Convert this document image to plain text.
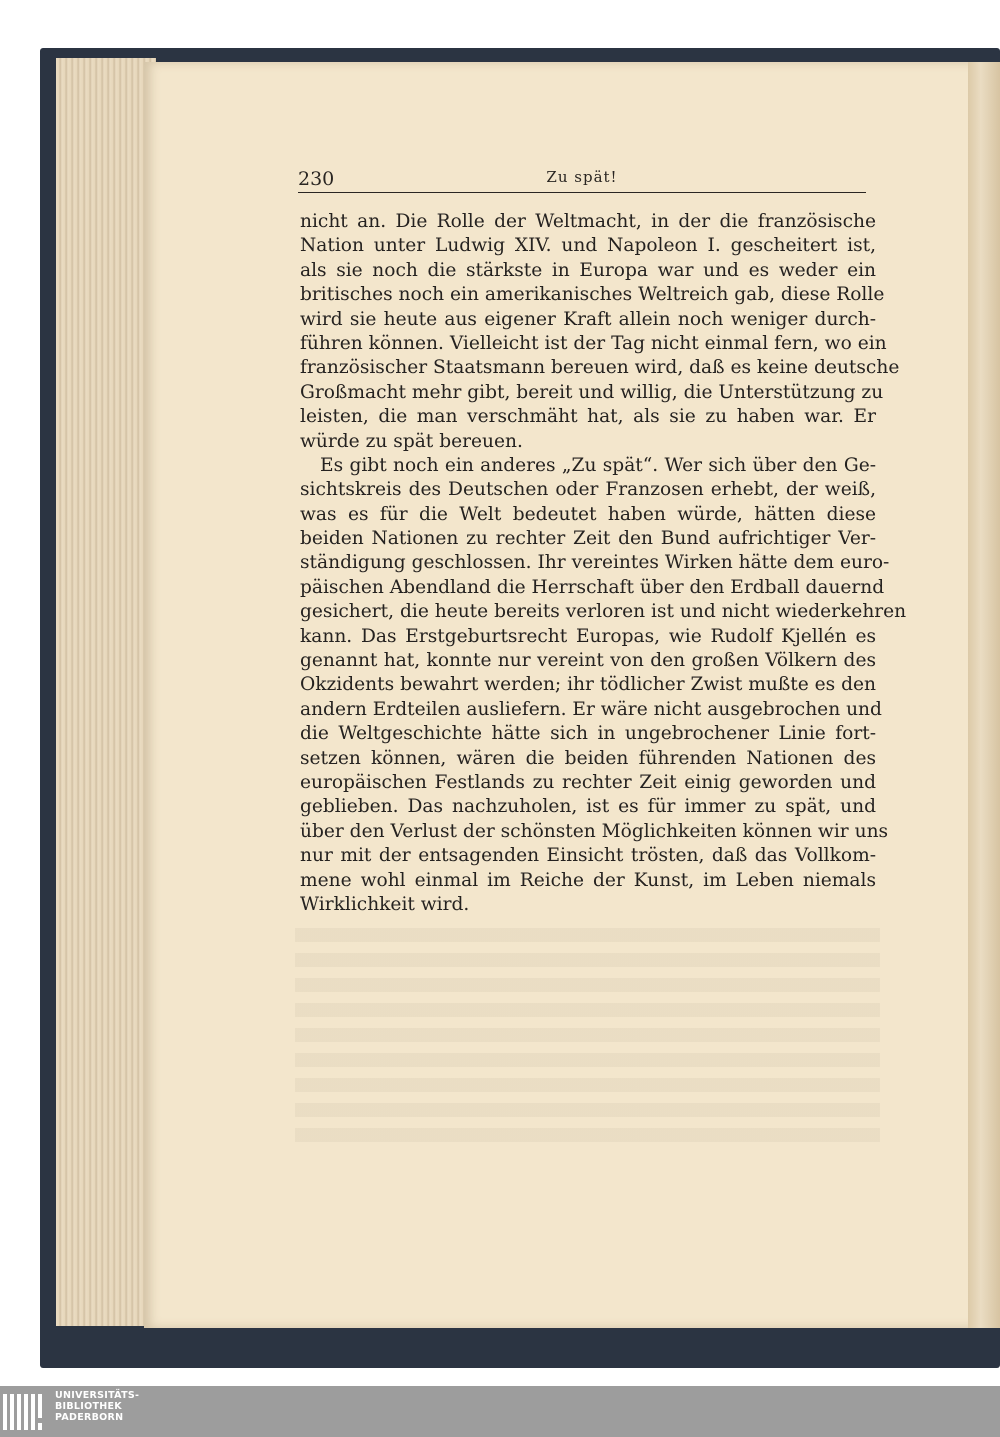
230	Zu spät!
nicht an. Die Rolle der Weltmacht, in der die französische
Nation unter Ludwig XIV. und Napoleon I. gescheitert ist,
als sie noch die stärkste in Europa war und es weder ein
britisches noch ein amerikanisches Weltreich gab, diese Rolle
wird sie heute aus eigener Kraft allein noch weniger durch-
führen können. Vielleicht ist der Tag nicht einmal fern, wo ein
französischer Staatsmann bereuen wird, daß es keine deutsche
Großmacht mehr gibt, bereit und willig, die Unterstützung zu
leisten, die man verschmäht hat, als sie zu haben war. Er
würde zu spät bereuen.
Es gibt noch ein anderes „Zu spät“. Wer sich über den Ge-
sichtskreis des Deutschen oder Franzosen erhebt, der weiß,
was es für die Welt bedeutet haben würde, hätten diese
beiden Nationen zu rechter Zeit den Bund aufrichtiger Ver-
ständigung geschlossen. Ihr vereintes Wirken hätte dem euro-
päischen Abendland die Herrschaft über den Erdball dauernd
gesichert, die heute bereits verloren ist und nicht wiederkehren
kann. Das Erstgeburtsrecht Europas, wie Rudolf Kjellén es
genannt hat, konnte nur vereint von den großen Völkern des
Okzidents bewahrt werden; ihr tödlicher Zwist mußte es den
andern Erdteilen ausliefern. Er wäre nicht ausgebrochen und
die Weltgeschichte hätte sich in ungebrochener Linie fort-
setzen können, wären die beiden führenden Nationen des
europäischen Festlands zu rechter Zeit einig geworden und
geblieben. Das nachzuholen, ist es für immer zu spät, und
über den Verlust der schönsten Möglichkeiten können wir uns
nur mit der entsagenden Einsicht trösten, daß das Vollkom-
mene wohl einmal im Reiche der Kunst, im Leben niemals
Wirklichkeit wird.
UNIVERSITÄTS-
BIBLIOTHEK
PADERBORN
